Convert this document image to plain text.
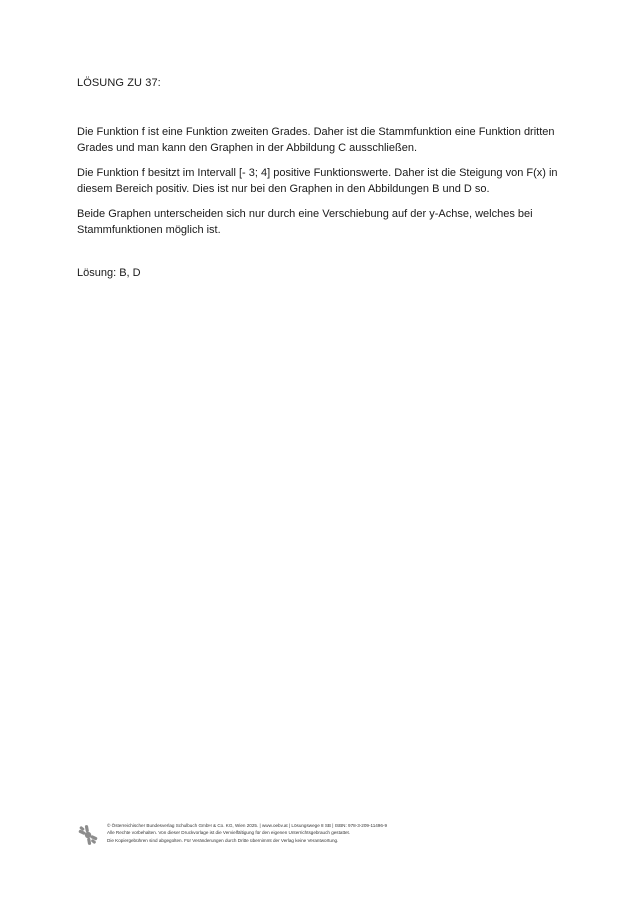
LÖSUNG ZU 37:

Die Funktion f ist eine Funktion zweiten Grades. Daher ist die Stammfunktion eine Funktion dritten Grades und man kann den Graphen in der Abbildung C ausschließen.

Die Funktion f besitzt im Intervall [- 3; 4] positive Funktionswerte. Daher ist die Steigung von F(x) in diesem Bereich positiv. Dies ist nur bei den Graphen in den Abbildungen B und D so.

Beide Graphen unterscheiden sich nur durch eine Verschiebung auf der y-Achse, welches bei Stammfunktionen möglich ist.

Lösung: B, D
© Österreichischer Bundesverlag Schulbuch GmbH & Co. KG, Wien 2025. | www.oebv.at | Lösungswege 8 SB | ISBN: 978-3-209-11496-9
Alle Rechte vorbehalten. Von dieser Druckvorlage ist die Vervielfältigung für den eigenen Unterrichtsgebrauch gestattet.
Die Kopiergebühren sind abgegolten. Für Veränderungen durch Dritte übernimmt der Verlag keine Verantwortung.
